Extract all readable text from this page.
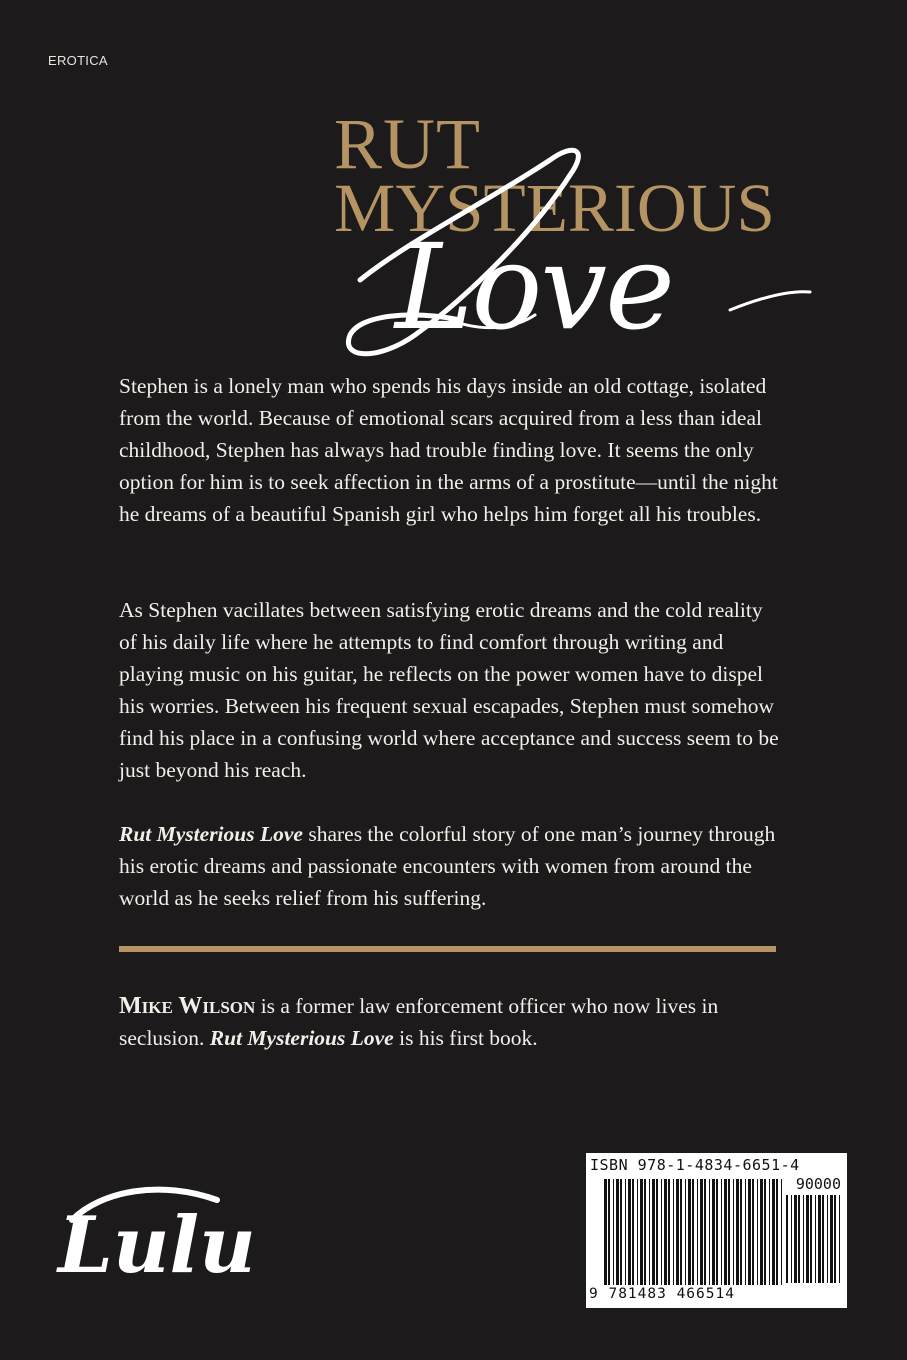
EROTICA
RUT
MYSTERIOUS
Love
Stephen is a lonely man who spends his days inside an old cottage, isolated from the world. Because of emotional scars acquired from a less than ideal childhood, Stephen has always had trouble finding love. It seems the only option for him is to seek affection in the arms of a prostitute—until the night he dreams of a beautiful Spanish girl who helps him forget all his troubles.
As Stephen vacillates between satisfying erotic dreams and the cold reality of his daily life where he attempts to find comfort through writing and playing music on his guitar, he reflects on the power women have to dispel his worries. Between his frequent sexual escapades, Stephen must somehow find his place in a confusing world where acceptance and success seem to be just beyond his reach.
Rut Mysterious Love shares the colorful story of one man’s journey through his erotic dreams and passionate encounters with women from around the world as he seeks relief from his suffering.
Mike Wilson is a former law enforcement officer who now lives in seclusion. Rut Mysterious Love is his first book.
Lulu
ISBN 978-1-4834-6651-4
90000
9 781483 466514
